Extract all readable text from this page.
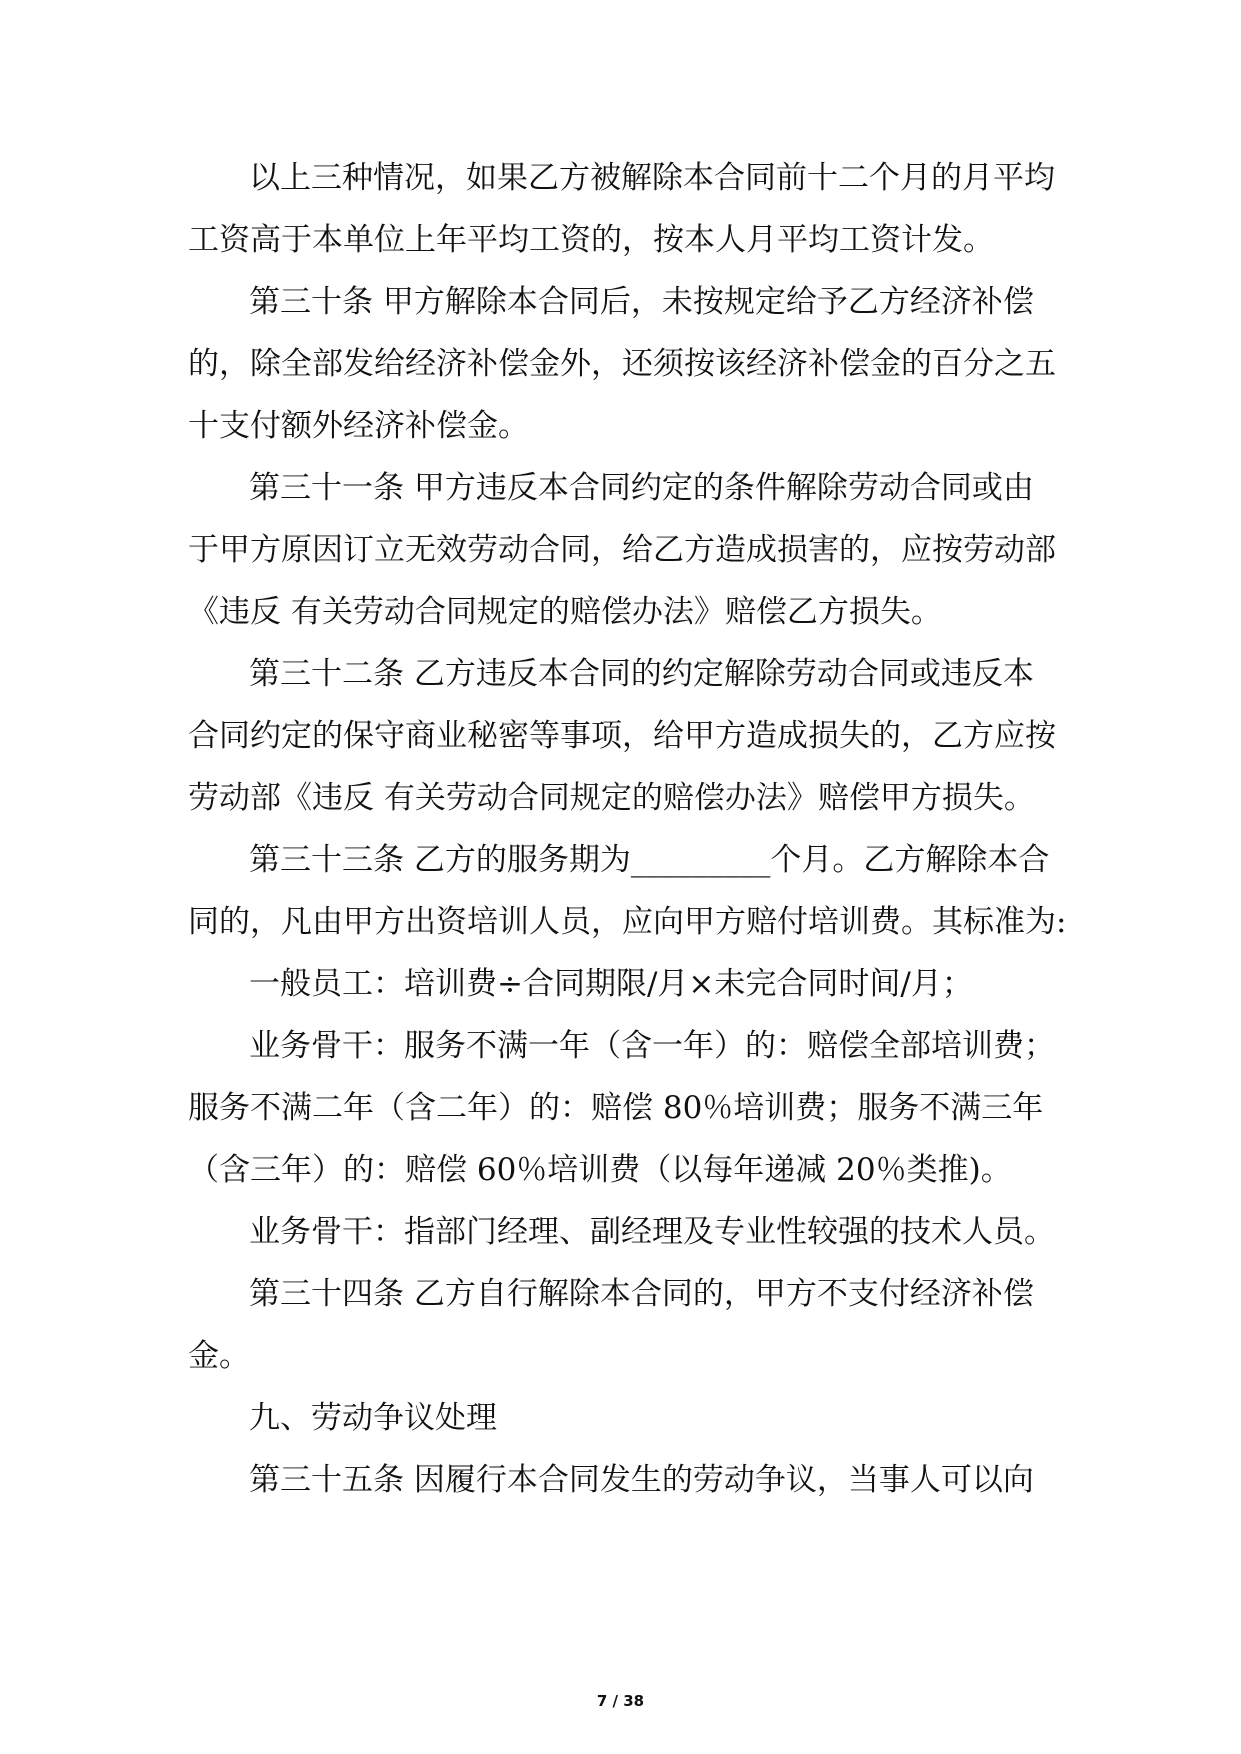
以上三种情况，如果乙方被解除本合同前十二个月的月平均
工资高于本单位上年平均工资的，按本人月平均工资计发。
第三十条 甲方解除本合同后，未按规定给予乙方经济补偿
的，除全部发给经济补偿金外，还须按该经济补偿金的百分之五
十支付额外经济补偿金。
第三十一条 甲方违反本合同约定的条件解除劳动合同或由
于甲方原因订立无效劳动合同，给乙方造成损害的，应按劳动部
《违反 有关劳动合同规定的赔偿办法》赔偿乙方损失。
第三十二条 乙方违反本合同的约定解除劳动合同或违反本
合同约定的保守商业秘密等事项，给甲方造成损失的，乙方应按
劳动部《违反 有关劳动合同规定的赔偿办法》赔偿甲方损失。
第三十三条 乙方的服务期为_________个月。乙方解除本合
同的，凡由甲方出资培训人员，应向甲方赔付培训费。其标准为:
一般员工：培训费÷合同期限/月×未完合同时间/月；
业务骨干：服务不满一年（含一年）的：赔偿全部培训费；
服务不满二年（含二年）的：赔偿 80％培训费；服务不满三年
（含三年）的：赔偿 60％培训费（以每年递减 20％类推)。
业务骨干：指部门经理、副经理及专业性较强的技术人员。
第三十四条 乙方自行解除本合同的，甲方不支付经济补偿
金。
九、劳动争议处理
第三十五条 因履行本合同发生的劳动争议，当事人可以向
7 / 38
